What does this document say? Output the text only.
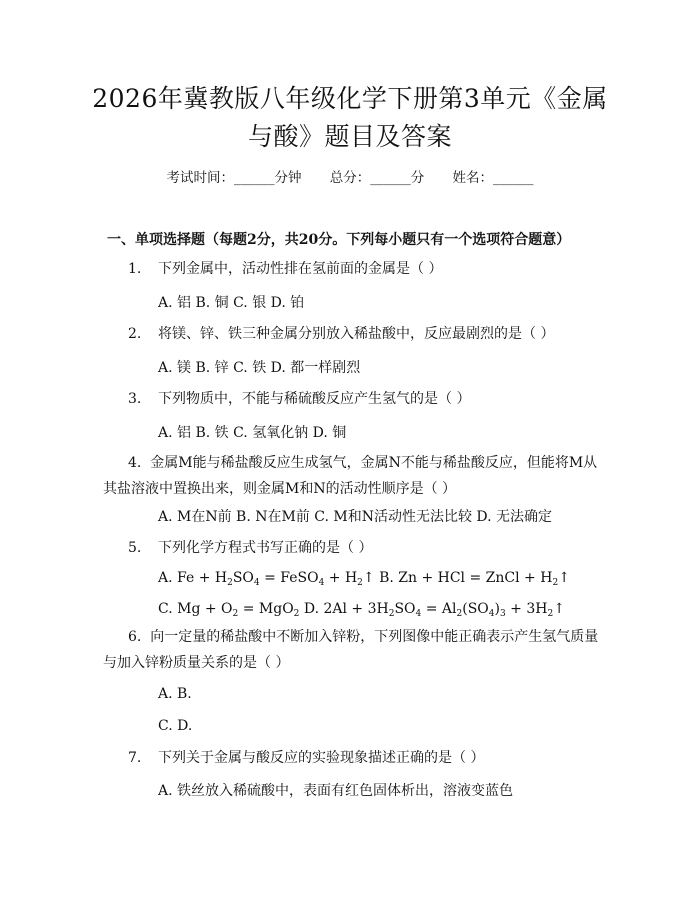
2026年冀教版八年级化学下册第3单元《金属与酸》题目及答案
考试时间：______分钟 总分：______分 姓名：______
一、单项选择题（每题2分，共20分。下列每小题只有一个选项符合题意）
1. 下列金属中，活动性排在氢前面的金属是（ ）
A. 铝 B. 铜 C. 银 D. 铂
2. 将镁、锌、铁三种金属分别放入稀盐酸中，反应最剧烈的是（ ）
A. 镁 B. 锌 C. 铁 D. 都一样剧烈
3. 下列物质中，不能与稀硫酸反应产生氢气的是（ ）
A. 铝 B. 铁 C. 氢氧化钠 D. 铜
4. 金属M能与稀盐酸反应生成氢气，金属N不能与稀盐酸反应，但能将M从其盐溶液中置换出来，则金属M和N的活动性顺序是（ ）
A. M在N前 B. N在M前 C. M和N活动性无法比较 D. 无法确定
5. 下列化学方程式书写正确的是（ ）
A. $Fe + H_2SO_4$ = FeSO$_4$ + $H_2↑$ B. Zn + HCl = ZnCl + $H_2↑$
C. $Mg + O_2 = MgO_2$ D. $2Al + 3H_2SO_4 = Al_2(SO_4)_3$ + $3H_2↑$
6. 向一定量的稀盐酸中不断加入锌粉，下列图像中能正确表示产生氢气质量与加入锌粉质量关系的是（ ）
A. B.
C. D.
7. 下列关于金属与酸反应的实验现象描述正确的是（ ）
A. 铁丝放入稀硫酸中，表面有红色固体析出，溶液变蓝色
